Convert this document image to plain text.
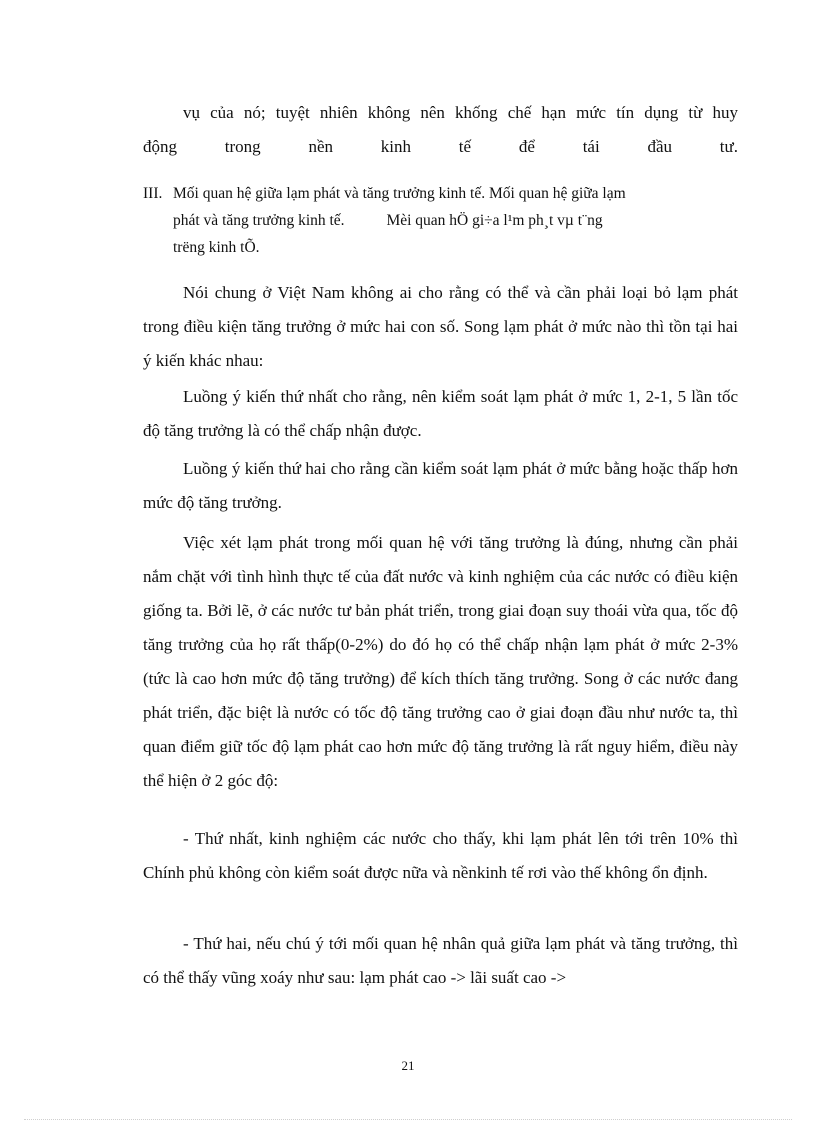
vụ của nó; tuyệt nhiên không nên khống chế hạn mức tín dụng từ huy
động trong nền kinh tế để tái đầu tư.
III. Mối quan hệ giữa lạm phát và tăng trưởng kinh tế. Mối quan hệ giữa lạm
phát và tăng trưởng kinh tế.	Mèi quan hÖ gi÷a l¹m ph¸t vµ t¨ng
trëng kinh tÕ.

Nói chung ở Việt Nam không ai cho rằng có thể và cần phải loại bỏ lạm phát trong điều kiện tăng trưởng ở mức hai con số. Song lạm phát ở mức nào thì tồn tại hai ý kiến khác nhau:

Luồng ý kiến thứ nhất cho rằng, nên kiểm soát lạm phát ở mức 1, 2-1, 5 lần tốc độ tăng trưởng là có thể chấp nhận được.

Luồng ý kiến thứ hai cho rằng cần kiểm soát lạm phát ở mức bằng hoặc thấp hơn mức độ tăng trưởng.

Việc xét lạm phát trong mối quan hệ với tăng trưởng là đúng, nhưng cần phải nắm chặt với tình hình thực tế của đất nước và kinh nghiệm của các nước có điều kiện giống ta. Bởi lẽ, ở các nước tư bản phát triển, trong giai đoạn suy thoái vừa qua, tốc độ tăng trưởng của họ rất thấp(0-2%) do đó họ có thể chấp nhận lạm phát ở mức 2-3% (tức là cao hơn mức độ tăng trưởng) để kích thích tăng trưởng. Song ở các nước đang phát triển, đặc biệt là nước có tốc độ tăng trưởng cao ở giai đoạn đầu như nước ta, thì quan điểm giữ tốc độ lạm phát cao hơn mức độ tăng trưởng là rất nguy hiểm, điều này thể hiện ở 2 góc độ:

- Thứ nhất, kinh nghiệm các nước cho thấy, khi lạm phát lên tới trên 10% thì Chính phủ không còn kiểm soát được nữa và nềnkinh tế rơi vào thế không ổn định.

- Thứ hai, nếu chú ý tới mối quan hệ nhân quả giữa lạm phát và tăng trưởng, thì có thể thấy vũng xoáy như sau: lạm phát cao -> lãi suất cao ->

21
